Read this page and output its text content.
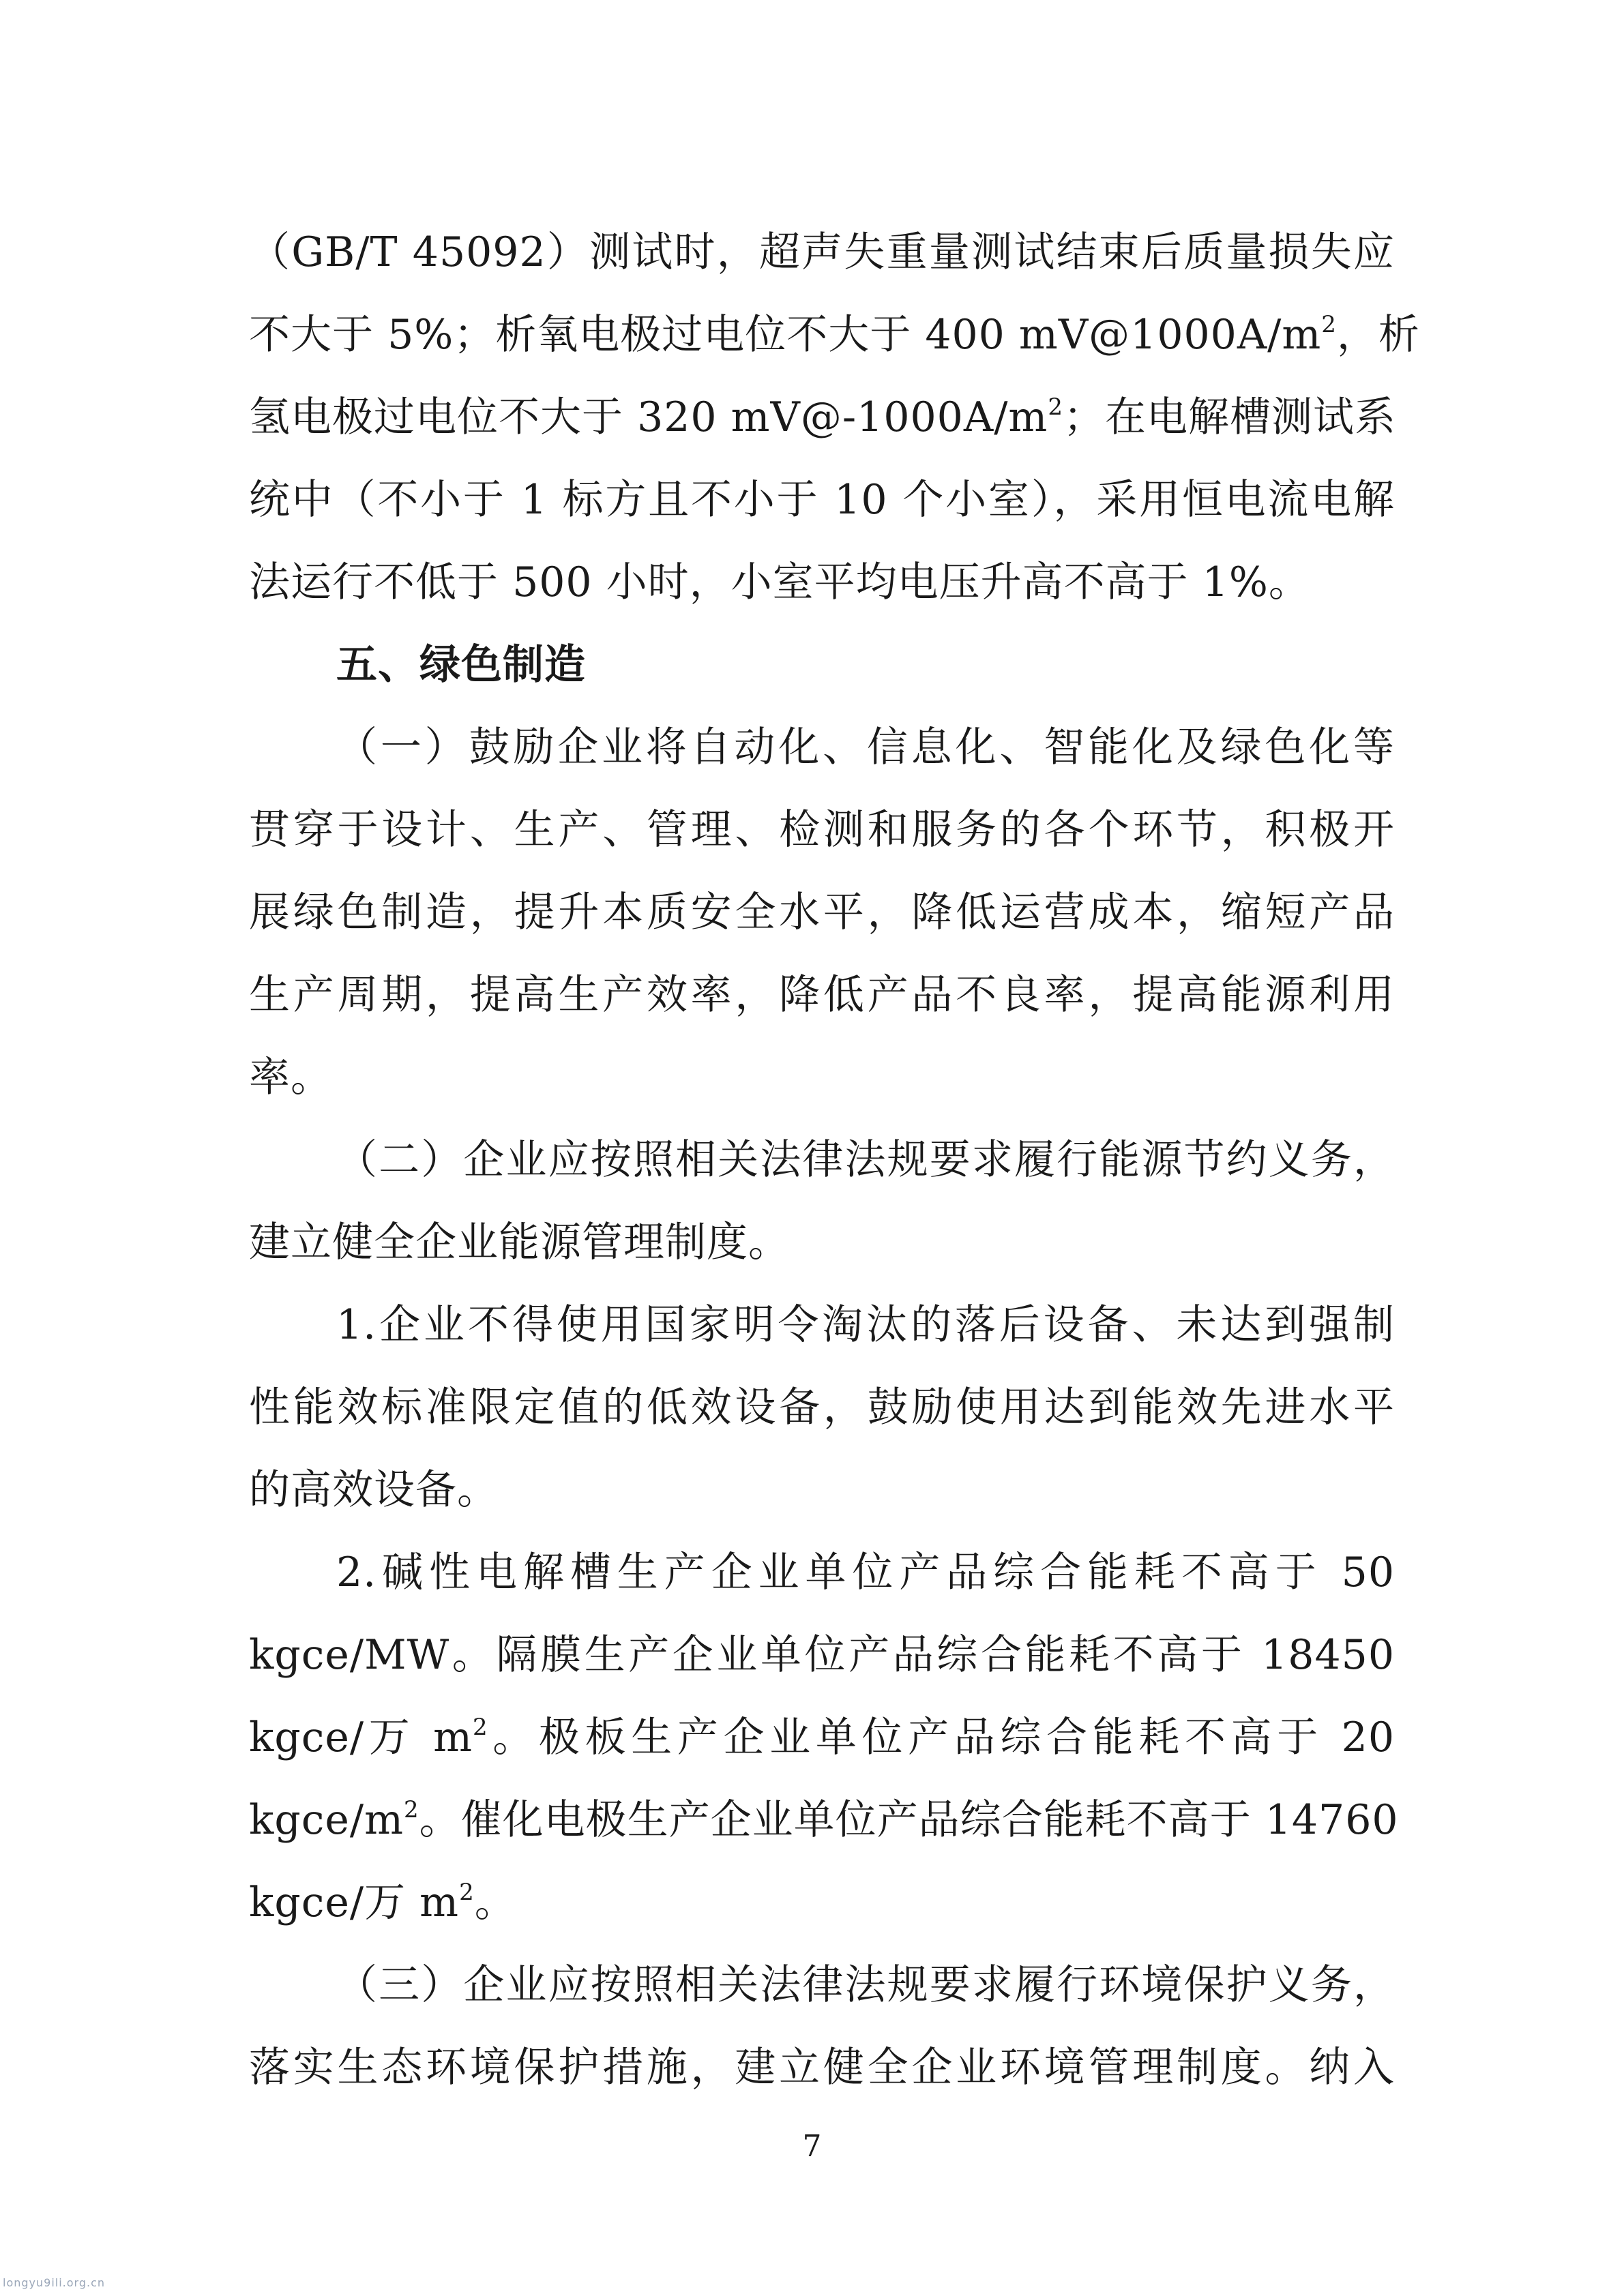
（GB/T 45092）测试时，超声失重量测试结束后质量损失应
不大于 5%；析氧电极过电位不大于 400 $mV@1000A/m^2$，析
氢电极过电位不大于 320 $mV@-1000A/m^2$；在电解槽测试系
统中（不小于 1 标方且不小于 10 个小室），采用恒电流电解
法运行不低于 500 小时，小室平均电压升高不高于 1%。
五、绿色制造
（一）鼓励企业将自动化、信息化、智能化及绿色化等
贯穿于设计、生产、管理、检测和服务的各个环节，积极开
展绿色制造，提升本质安全水平，降低运营成本，缩短产品
生产周期，提高生产效率，降低产品不良率，提高能源利用
率。
（二）企业应按照相关法律法规要求履行能源节约义务，
建立健全企业能源管理制度。
1.企业不得使用国家明令淘汰的落后设备、未达到强制
性能效标准限定值的低效设备，鼓励使用达到能效先进水平
的高效设备。
2.碱性电解槽生产企业单位产品综合能耗不高于 50
kgce/MW。隔膜生产企业单位产品综合能耗不高于 18450
kgce/万 $m^2$。极板生产企业单位产品综合能耗不高于 20
kgce/$m^2$。催化电极生产企业单位产品综合能耗不高于 14760
kgce/万 $m^2$。
（三）企业应按照相关法律法规要求履行环境保护义务，
落实生态环境保护措施，建立健全企业环境管理制度。纳入
7
longyu9ili.org.cn
